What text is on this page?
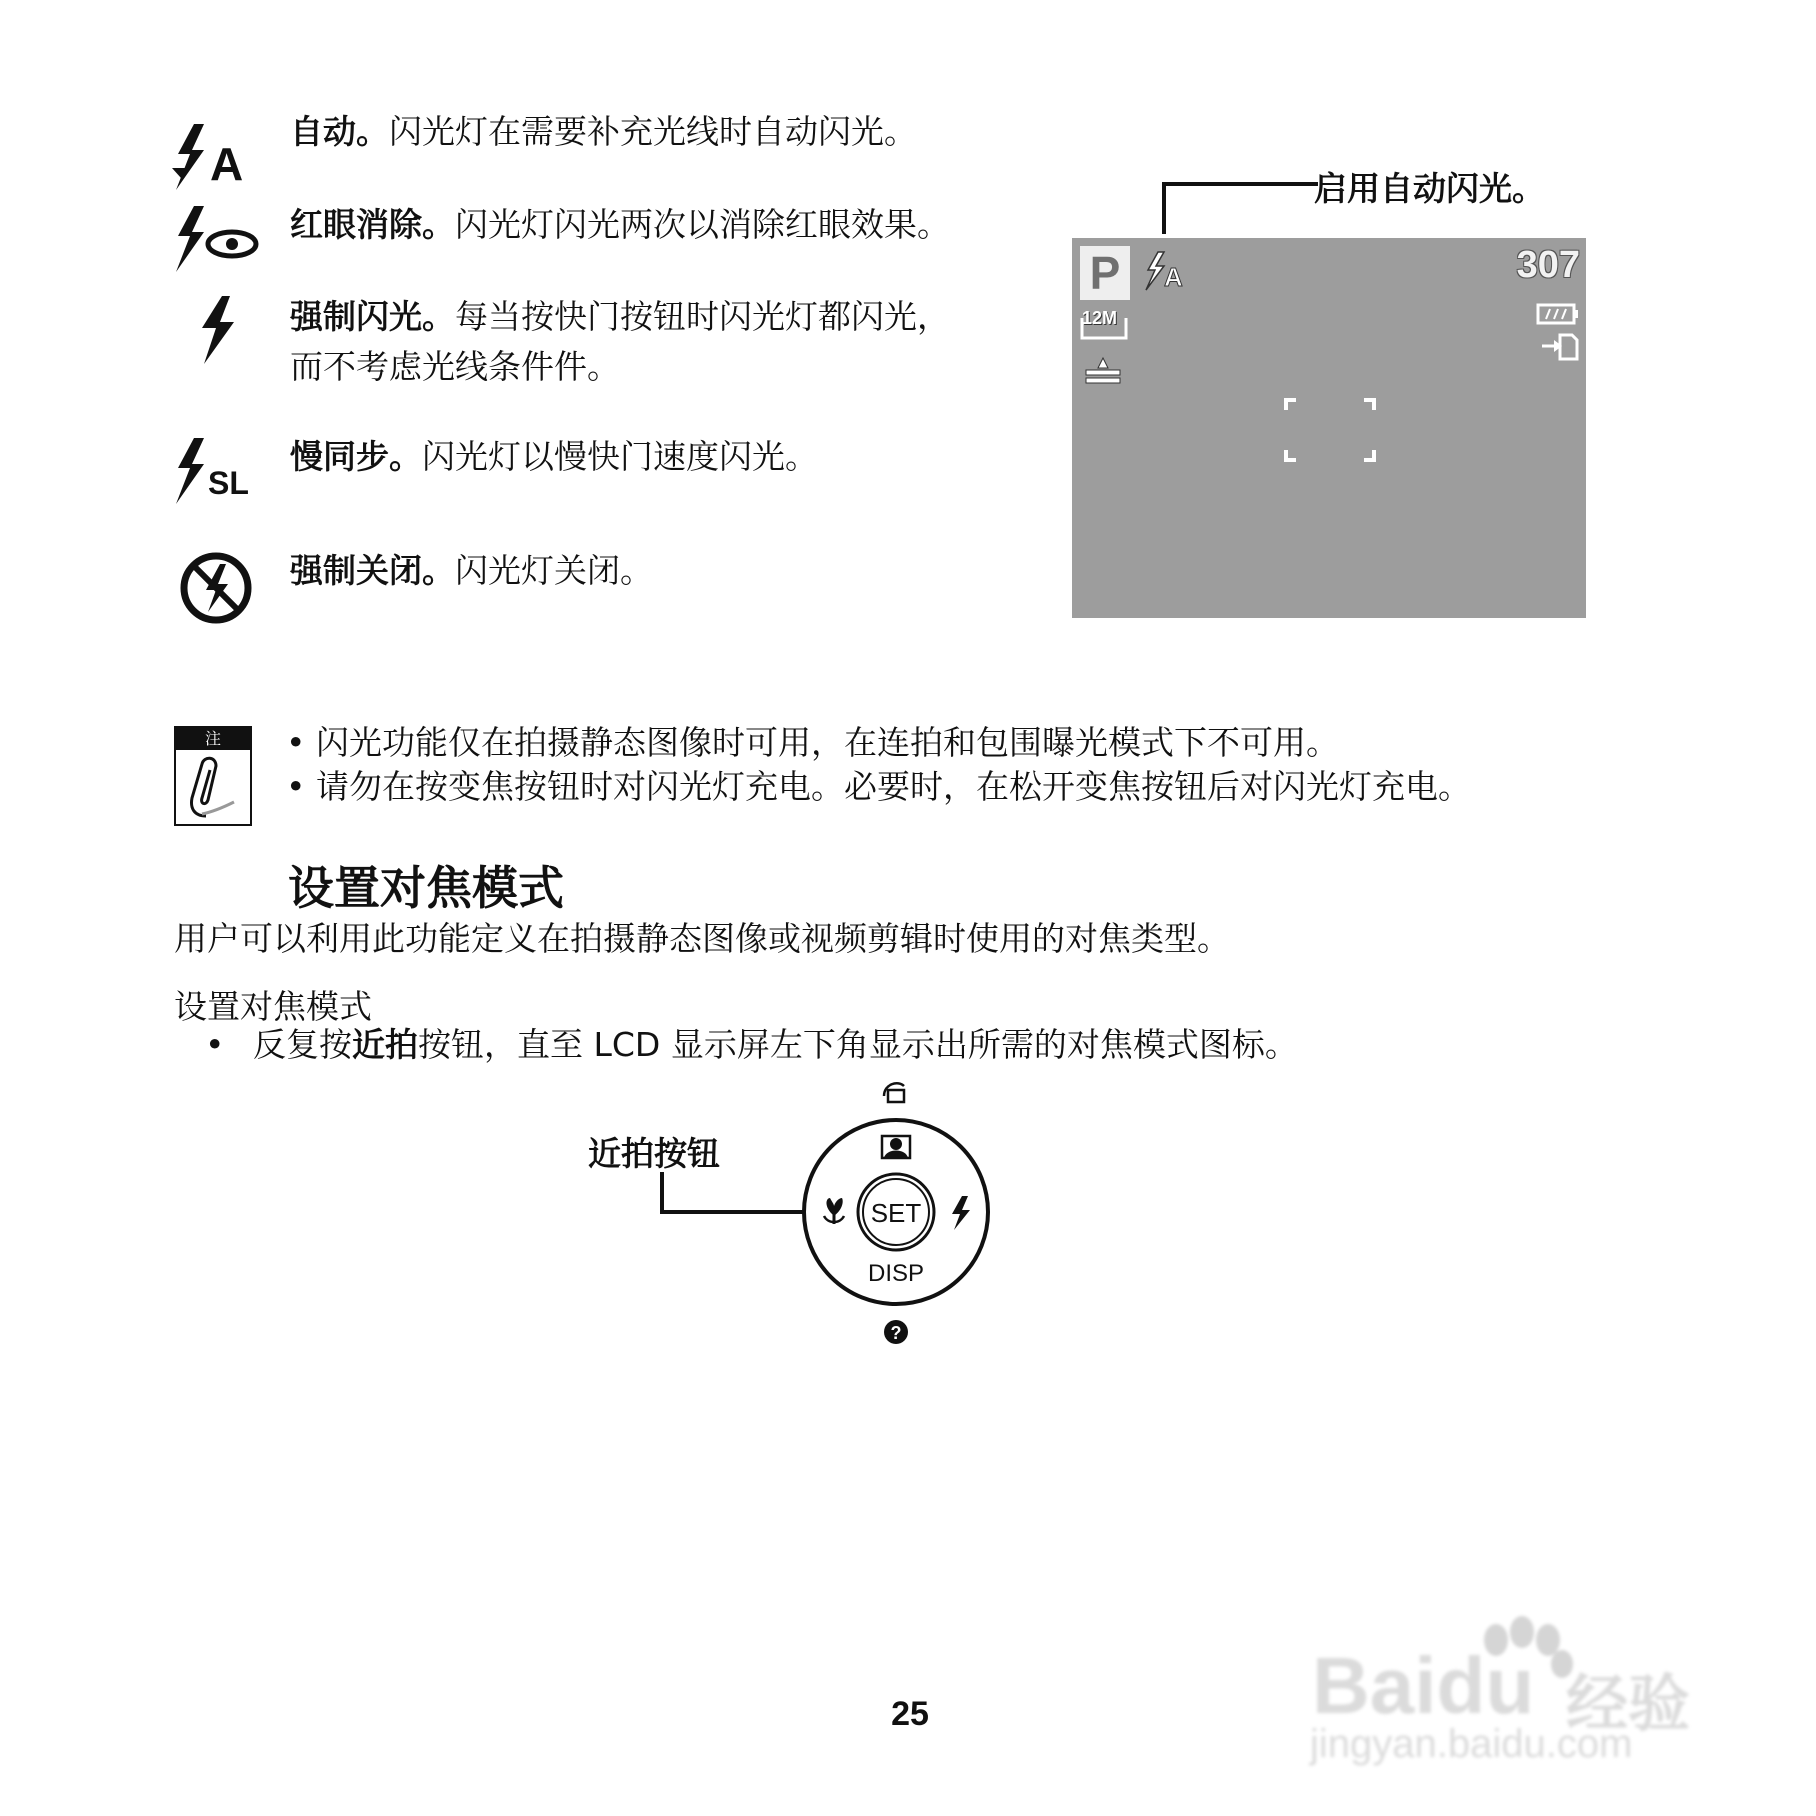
A
SL
自动。闪光灯在需要补充光线时自动闪光。
红眼消除。闪光灯闪光两次以消除红眼效果。
强制闪光。每当按快门按钮时闪光灯都闪光，
而不考虑光线条件件。
慢同步。闪光灯以慢快门速度闪光。
强制关闭。闪光灯关闭。
启用自动闪光。
P	A	307
12M
注	• 闪光功能仅在拍摄静态图像时可用，在连拍和包围曝光模式下不可用。
• 请勿在按变焦按钮时对闪光灯充电。必要时，在松开变焦按钮后对闪光灯充电。
设置对焦模式
用户可以利用此功能定义在拍摄静态图像或视频剪辑时使用的对焦类型。
设置对焦模式
• 反复按近拍按钮，直至 LCD 显示屏左下角显示出所需的对焦模式图标。
近拍按钮
?
SET
DISP
Baidu 经验
jingyan.baidu.com
25
